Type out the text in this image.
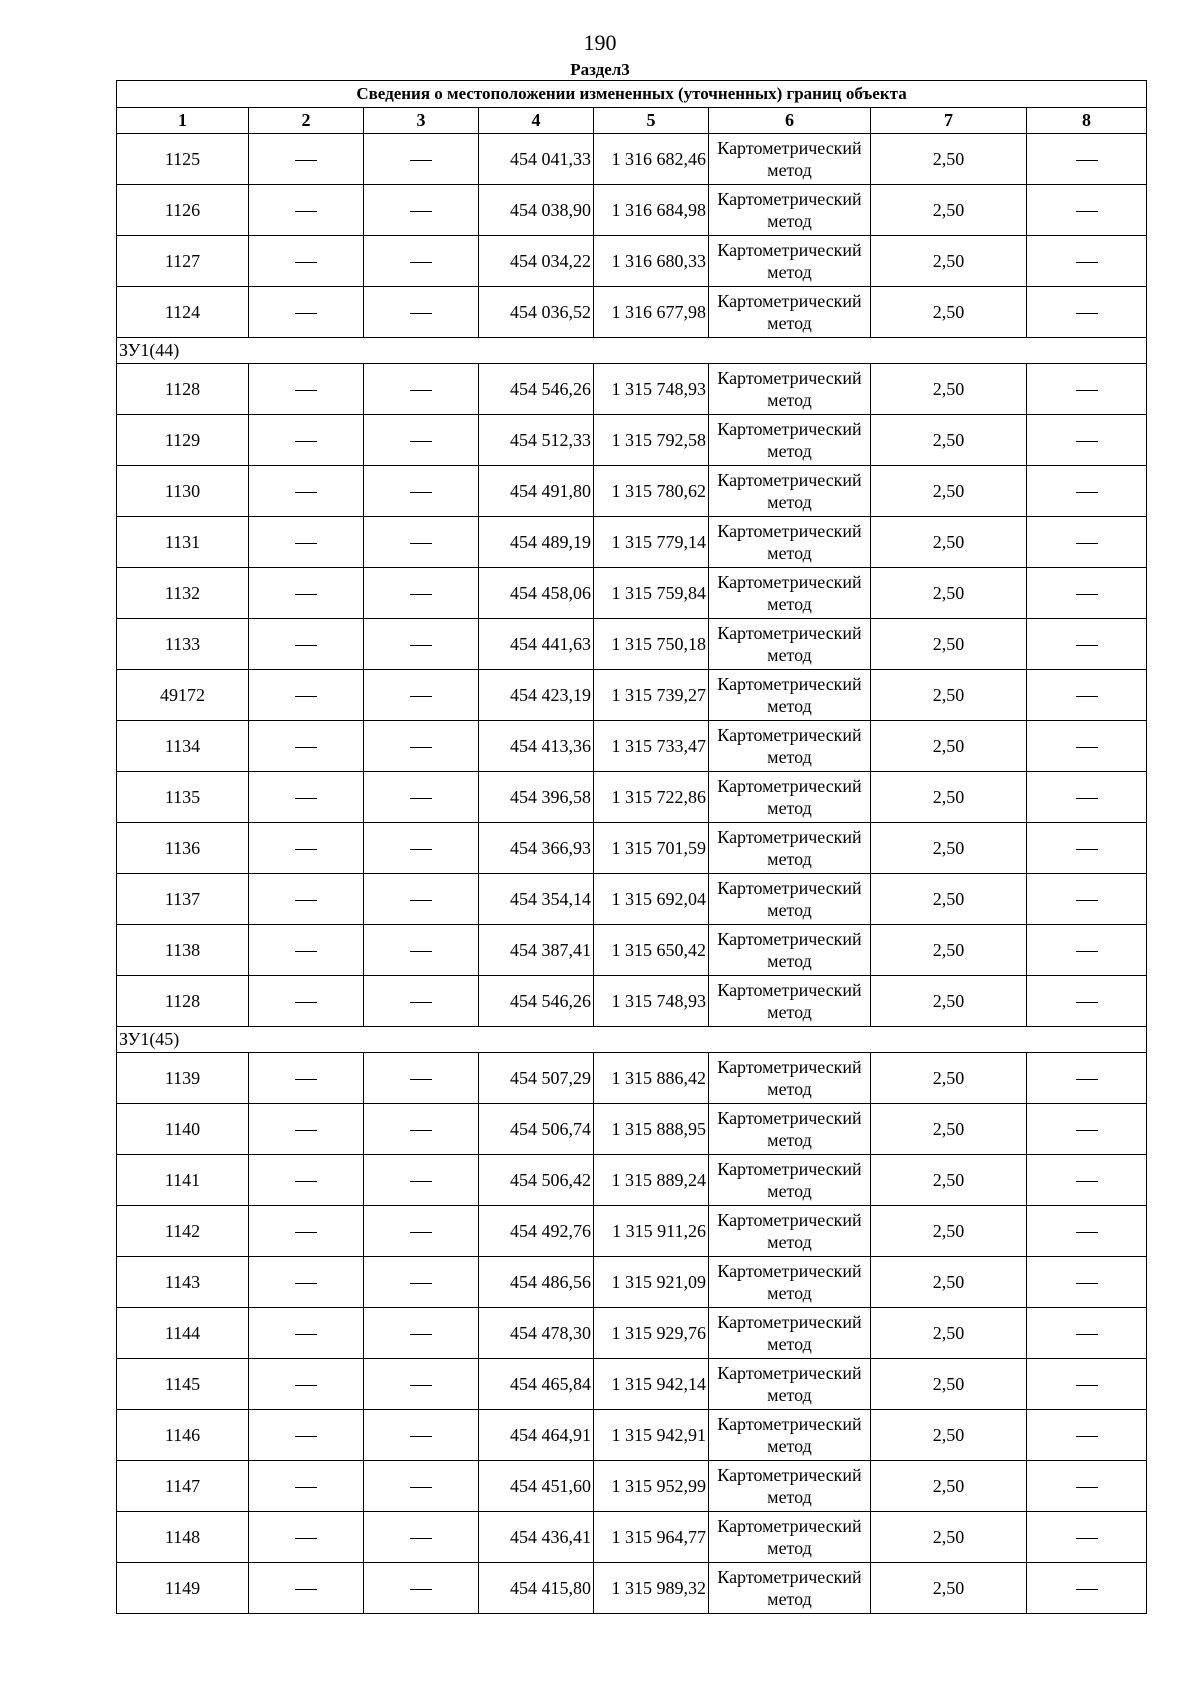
190
Раздел3
Сведения о местоположении измененных (уточненных) границ объекта							
1	2	3	4	5	6	7	8
1125			454 041,33	1 316 682,46	Картометрический метод	2,50	
1126			454 038,90	1 316 684,98	Картометрический метод	2,50	
1127			454 034,22	1 316 680,33	Картометрический метод	2,50	
1124			454 036,52	1 316 677,98	Картометрический метод	2,50	
ЗУ1(44)							
1128			454 546,26	1 315 748,93	Картометрический метод	2,50	
1129			454 512,33	1 315 792,58	Картометрический метод	2,50	
1130			454 491,80	1 315 780,62	Картометрический метод	2,50	
1131			454 489,19	1 315 779,14	Картометрический метод	2,50	
1132			454 458,06	1 315 759,84	Картометрический метод	2,50	
1133			454 441,63	1 315 750,18	Картометрический метод	2,50	
49172			454 423,19	1 315 739,27	Картометрический метод	2,50	
1134			454 413,36	1 315 733,47	Картометрический метод	2,50	
1135			454 396,58	1 315 722,86	Картометрический метод	2,50	
1136			454 366,93	1 315 701,59	Картометрический метод	2,50	
1137			454 354,14	1 315 692,04	Картометрический метод	2,50	
1138			454 387,41	1 315 650,42	Картометрический метод	2,50	
1128			454 546,26	1 315 748,93	Картометрический метод	2,50	
ЗУ1(45)							
1139			454 507,29	1 315 886,42	Картометрический метод	2,50	
1140			454 506,74	1 315 888,95	Картометрический метод	2,50	
1141			454 506,42	1 315 889,24	Картометрический метод	2,50	
1142			454 492,76	1 315 911,26	Картометрический метод	2,50	
1143			454 486,56	1 315 921,09	Картометрический метод	2,50	
1144			454 478,30	1 315 929,76	Картометрический метод	2,50	
1145			454 465,84	1 315 942,14	Картометрический метод	2,50	
1146			454 464,91	1 315 942,91	Картометрический метод	2,50	
1147			454 451,60	1 315 952,99	Картометрический метод	2,50	
1148			454 436,41	1 315 964,77	Картометрический метод	2,50	
1149			454 415,80	1 315 989,32	Картометрический метод	2,50	
